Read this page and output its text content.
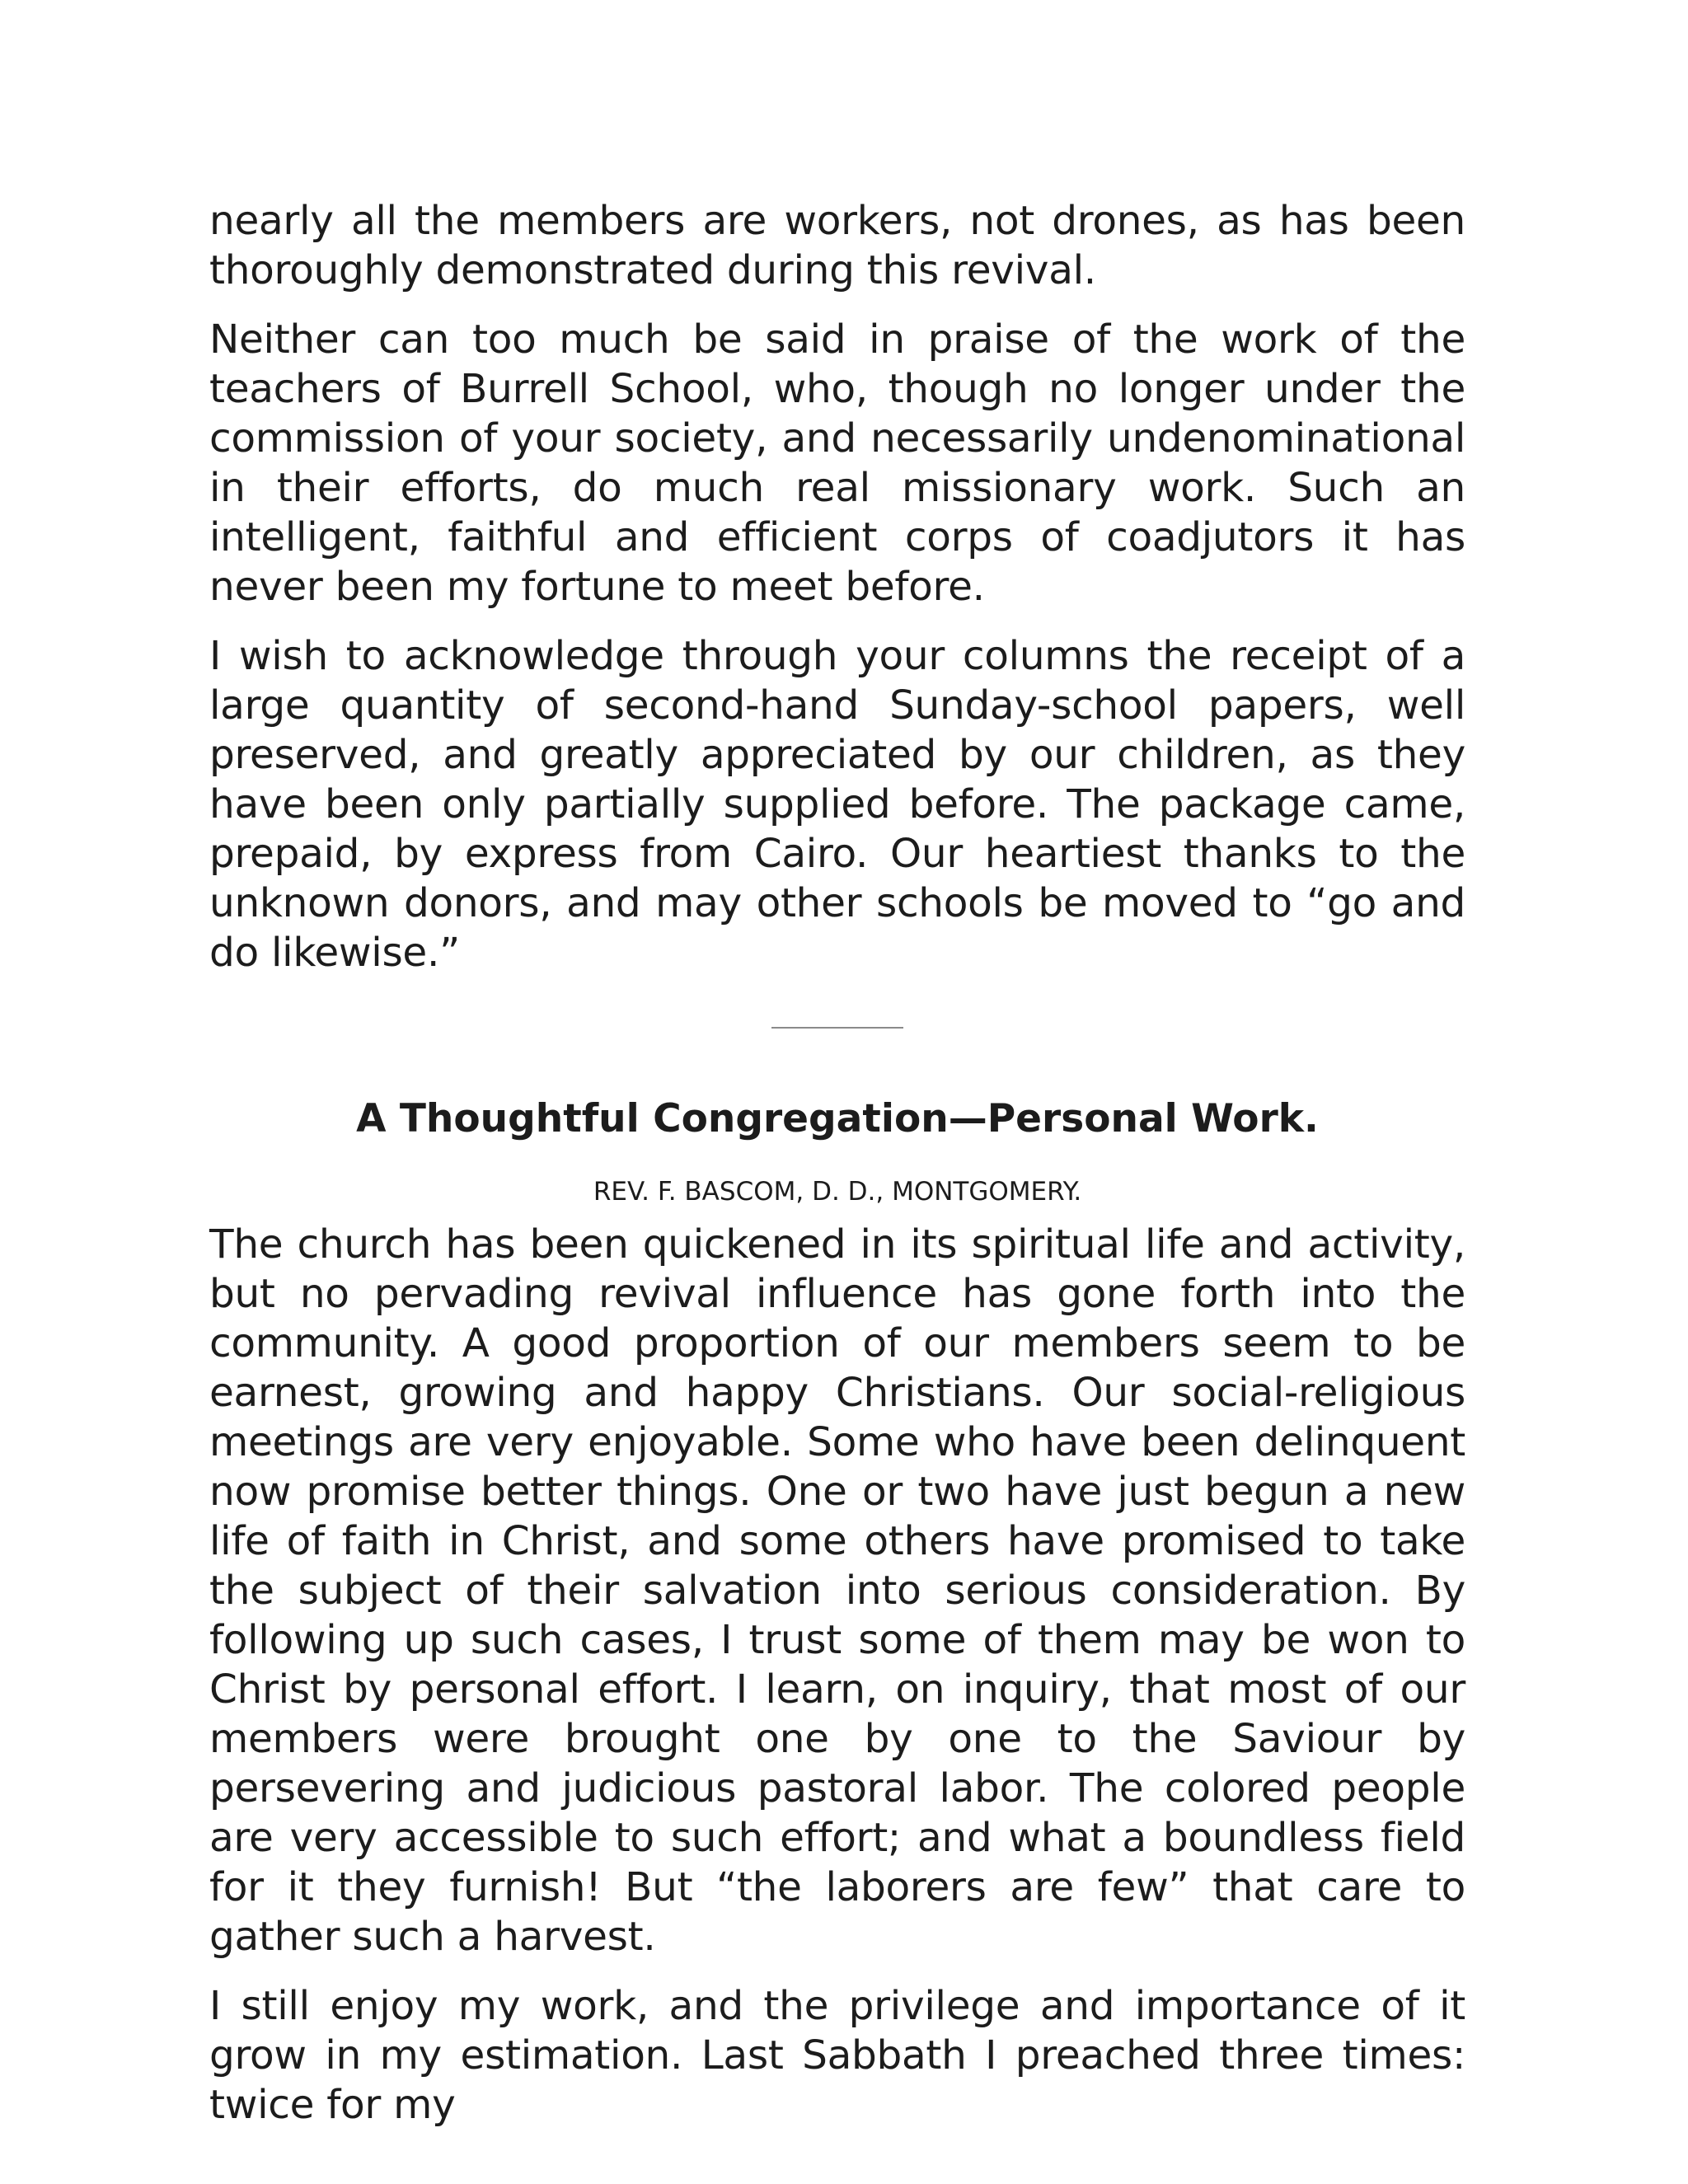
nearly all the members are workers, not drones, as has been thoroughly demonstrated during this revival.

Neither can too much be said in praise of the work of the teachers of Burrell School, who, though no longer under the commission of your society, and necessarily undenominational in their efforts, do much real missionary work. Such an intelligent, faithful and efficient corps of coadjutors it has never been my fortune to meet before.

I wish to acknowledge through your columns the receipt of a large quantity of second-hand Sunday-school papers, well preserved, and greatly appreciated by our children, as they have been only partially supplied before. The package came, prepaid, by express from Cairo. Our heartiest thanks to the unknown donors, and may other schools be moved to “go and do likewise.”

A Thoughtful Congregation—Personal Work.
REV. F. BASCOM, D. D., MONTGOMERY.

The church has been quickened in its spiritual life and activity, but no pervading revival influence has gone forth into the community. A good proportion of our members seem to be earnest, growing and happy Christians. Our social-religious meetings are very enjoyable. Some who have been delinquent now promise better things. One or two have just begun a new life of faith in Christ, and some others have promised to take the subject of their salvation into serious consideration. By following up such cases, I trust some of them may be won to Christ by personal effort. I learn, on inquiry, that most of our members were brought one by one to the Saviour by persevering and judicious pastoral labor. The colored people are very accessible to such effort; and what a boundless field for it they furnish! But “the laborers are few” that care to gather such a harvest.

I still enjoy my work, and the privilege and importance of it grow in my estimation. Last Sabbath I preached three times: twice for my
